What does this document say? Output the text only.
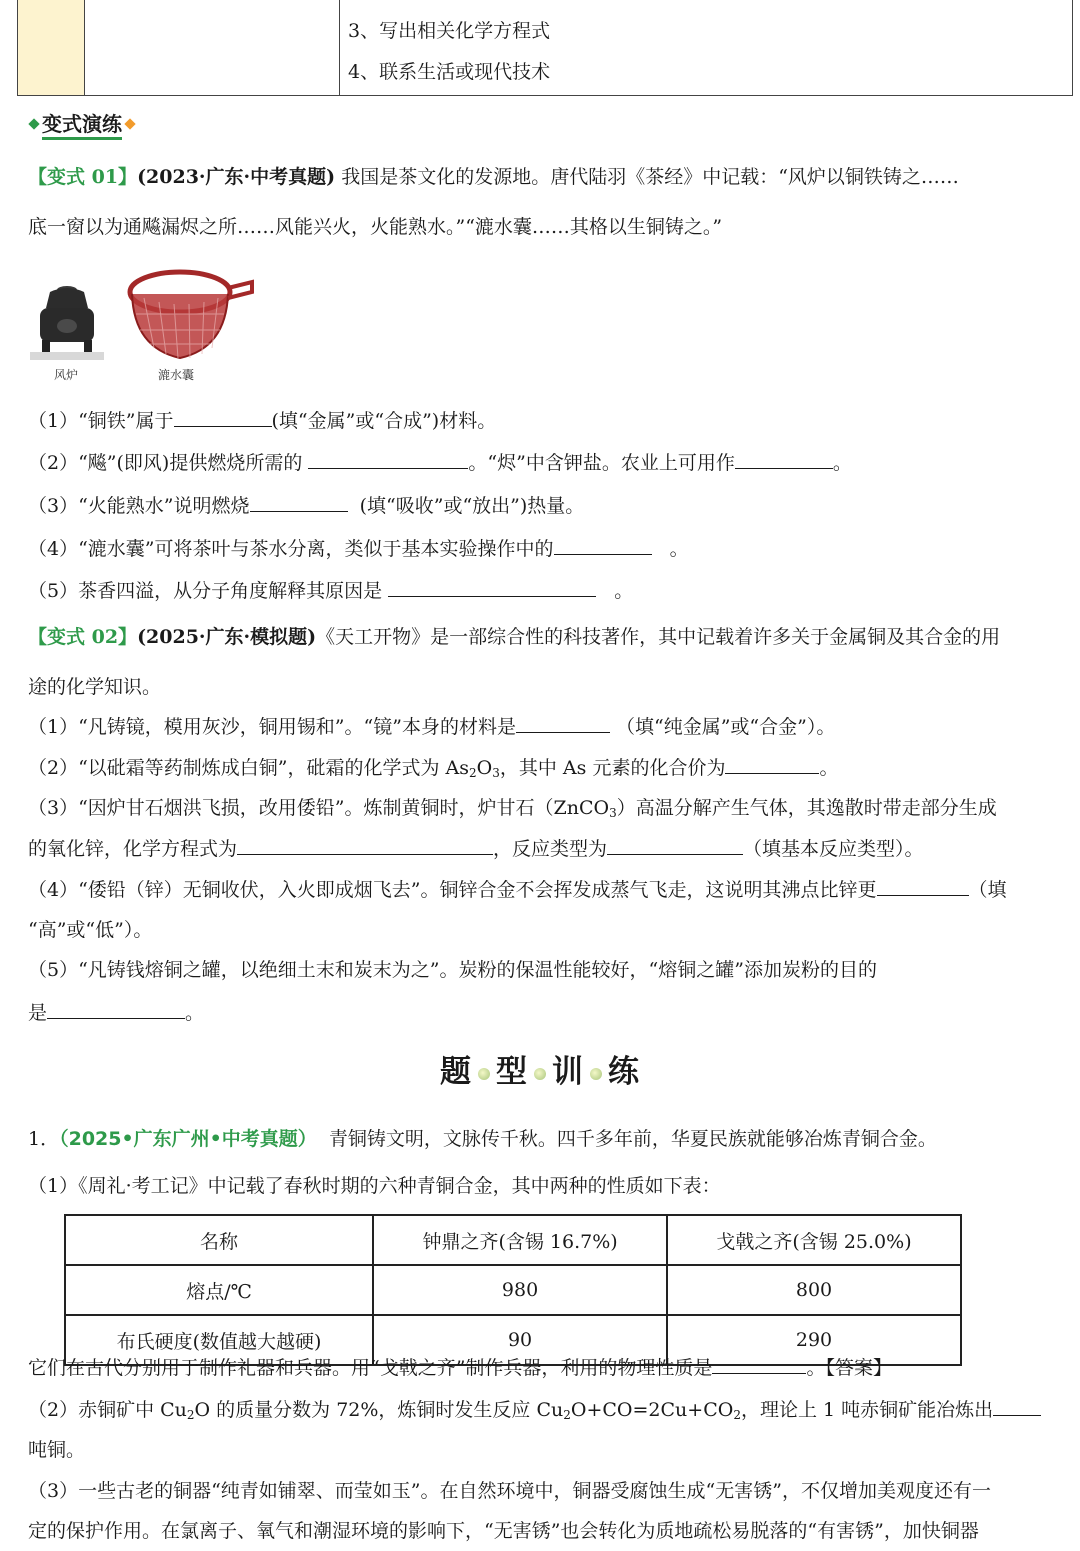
3、写出相关化学方程式
4、联系生活或现代技术
变式演练
【变式 01】(2023·广东·中考真题) 我国是茶文化的发源地。唐代陆羽《茶经》中记载：“风炉以铜铁铸之……
底一窗以为通飚漏烬之所……风能兴火，火能熟水。”“漉水囊……其格以生铜铸之。”
风炉	漉水囊
（1）“铜铁”属于	(填“金属”或“合成”)材料。
（2）“飚”(即风)提供燃烧所需的	。“烬”中含钾盐。农业上可用作	。
（3）“火能熟水”说明燃烧	(填“吸收”或“放出”)热量。
（4）“漉水囊”可将茶叶与茶水分离，类似于基本实验操作中的	。
（5）茶香四溢，从分子角度解释其原因是	。
【变式 02】(2025·广东·模拟题)《天工开物》是一部综合性的科技著作，其中记载着许多关于金属铜及其合金的用
途的化学知识。
（1）“凡铸镜，模用灰沙，铜用锡和”。“镜”本身的材料是	（填“纯金属”或“合金”）。
（2）“以砒霜等药制炼成白铜”，砒霜的化学式为 $As_2O_3$，其中 As 元素的化合价为	。
（3）“因炉甘石烟洪飞损，改用倭铅”。炼制黄铜时，炉甘石（ZnCO$_3$）高温分解产生气体，其逸散时带走部分生成
的氧化锌，化学方程式为	，反应类型为	（填基本反应类型）。
（4）“倭铅（锌）无铜收伏，入火即成烟飞去”。铜锌合金不会挥发成蒸气飞走，这说明其沸点比锌更	（填
“高”或“低”）。
（5）“凡铸钱熔铜之罐，以绝细土末和炭末为之”。炭粉的保温性能较好，“熔铜之罐”添加炭粉的目的
是	。
题 型 训 练
1．（2025•广东广州•中考真题） 青铜铸文明，文脉传千秋。四千多年前，华夏民族就能够冶炼青铜合金。
（1）《周礼·考工记》中记载了春秋时期的六种青铜合金，其中两种的性质如下表：
名称	钟鼎之齐(含锡 16.7%)	戈戟之齐(含锡 25.0%)
熔点/℃	980	800
布氏硬度(数值越大越硬)	90	290
它们在古代分别用于制作礼器和兵器。用“戈戟之齐”制作兵器，利用的物理性质是	。【答案】
（2）赤铜矿中 $Cu_2O$ 的质量分数为 72%，炼铜时发生反应 $Cu_2O+CO=2Cu+CO_2$，理论上 1 吨赤铜矿能冶炼出
吨铜。
（3）一些古老的铜器“纯青如铺翠、而莹如玉”。在自然环境中，铜器受腐蚀生成“无害锈”，不仅增加美观度还有一
定的保护作用。在氯离子、氧气和潮湿环境的影响下，“无害锈”也会转化为质地疏松易脱落的“有害锈”，加快铜器
